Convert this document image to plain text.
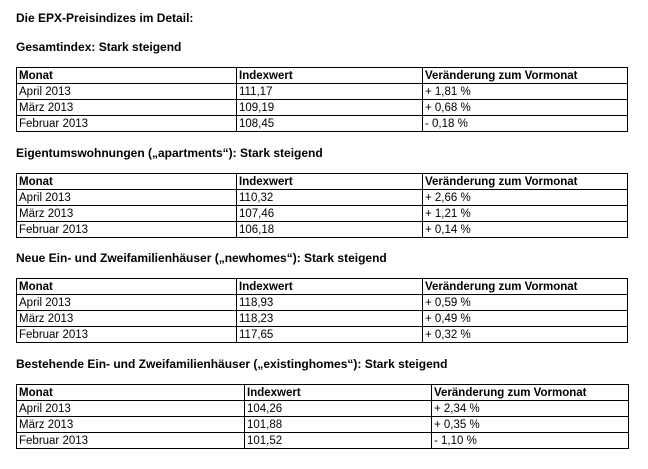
Die EPX-Preisindizes im Detail:
Gesamtindex: Stark steigend
Monat	Indexwert	Veränderung zum Vormonat
April 2013	111,17	+ 1,81 %
März 2013	109,19	+ 0,68 %
Februar 2013	108,45	- 0,18 %
Eigentumswohnungen („apartments“): Stark steigend
Monat	Indexwert	Veränderung zum Vormonat
April 2013	110,32	+ 2,66 %
März 2013	107,46	+ 1,21 %
Februar 2013	106,18	+ 0,14 %
Neue Ein- und Zweifamilienhäuser („newhomes“): Stark steigend
Monat	Indexwert	Veränderung zum Vormonat
April 2013	118,93	+ 0,59 %
März 2013	118,23	+ 0,49 %
Februar 2013	117,65	+ 0,32 %
Bestehende Ein- und Zweifamilienhäuser („existinghomes“): Stark steigend
Monat	Indexwert	Veränderung zum Vormonat
April 2013	104,26	+ 2,34 %
März 2013	101,88	+ 0,35 %
Februar 2013	101,52	- 1,10 %
